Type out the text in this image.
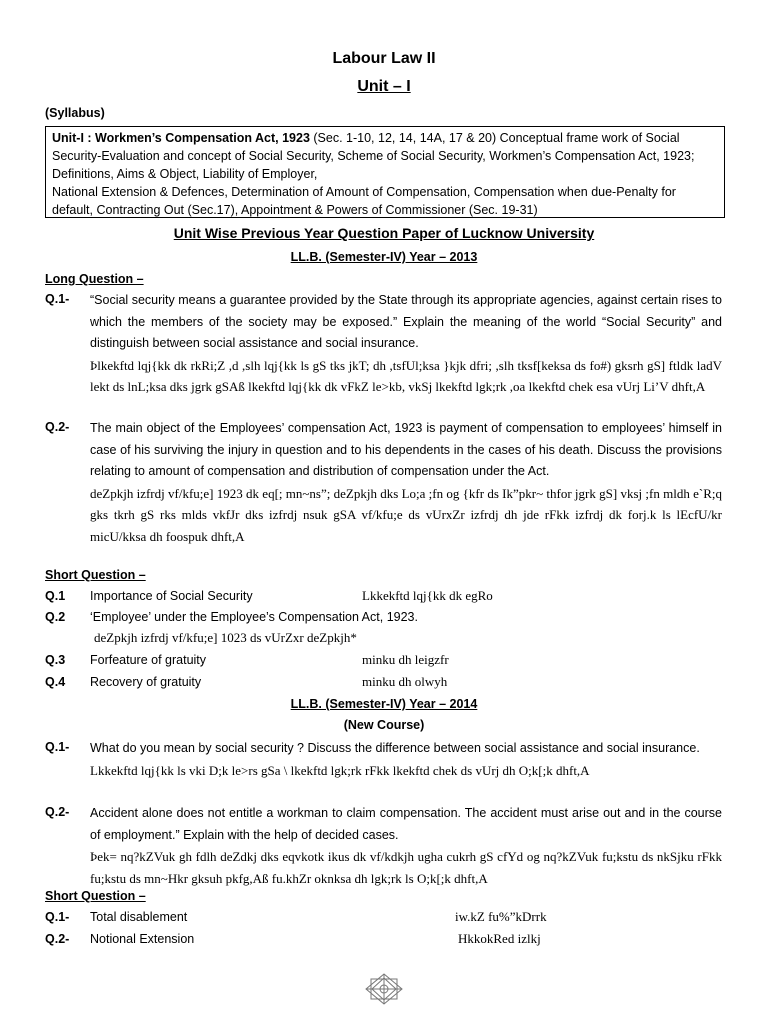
Labour Law II
Unit – I
(Syllabus)
Unit-I : Workmen’s Compensation Act, 1923 (Sec. 1-10, 12, 14, 14A, 17 & 20) Conceptual frame work of Social Security-Evaluation and concept of Social Security, Scheme of Social Security, Workmen’s Compensation Act, 1923; Definitions, Aims & Object, Liability of Employer,
National Extension & Defences, Determination of Amount of Compensation, Compensation when due-Penalty for default, Contracting Out (Sec.17), Appointment & Powers of Commissioner (Sec. 19-31)
Unit Wise Previous Year Question Paper of Lucknow University
LL.B. (Semester-IV) Year – 2013
Long Question –
Q.1- “Social security means a guarantee provided by the State through its appropriate agencies, against certain rises to which the members of the society may be exposed.” Explain the meaning of the world “Social Security” and distinguish between social assistance and social insurance.
Þlkekftd lqj{kk dk rkRi;Z ,d ,slh lqj{kk ls gS tks jkT; dh ,tsfUl;ksa }kjk dfri; ,slh tksf[keksa ds fo#) gksrh gS] ftldk ladV lekt ds lnL;ksa dks jgrk gSAß lkekftd lqj{kk dk vFkZ le>kb, vkSj lkekftd lgk;rk ,oa lkekftd chek esa vUrj Li’V dhft,A
Q.2- The main object of the Employees’ compensation Act, 1923 is payment of compensation to employees’ himself in case of his surviving the injury in question and to his dependents in the cases of his death. Discuss the provisions relating to amount of compensation and distribution of compensation under the Act.
deZpkjh izfrdj vf/kfu;e] 1923 dk eq[; mn~ns”; deZpkjh dks Lo;a ;fn og {kfr ds Ik”pkr~ thfor jgrk gS] vksj ;fn mldh e`R;q gks tkrh gS rks mlds vkfJr dks izfrdj nsuk gSA vf/kfu;e ds vUrxZr izfrdj dh jde rFkk izfrdj dk forj.k ls lEcfU/kr micU/kksa dh foospuk dhft,A
Short Question –
Q.1 Importance of Social Security	Lkkekftd lqj{kk dk egRo
Q.2 ‘Employee’ under the Employee’s Compensation Act, 1923.
deZpkjh izfrdj vf/kfu;e] 1023 ds vUrZxr deZpkjh*
Q.3 Forfeature of gratuity	minku dh leigzfr
Q.4 Recovery of gratuity	minku dh olwyh
LL.B. (Semester-IV) Year – 2014
(New Course)
Q.1- What do you mean by social security ? Discuss the difference between social assistance and social insurance.
Lkkekftd lqj{kk ls vki D;k le>rs gSa \ lkekftd lgk;rk rFkk lkekftd chek ds vUrj dh O;k[;k dhft,A
Q.2- Accident alone does not entitle a workman to claim compensation. The accident must arise out and in the course of employment.” Explain with the help of decided cases.
Þek= nq?kZVuk gh fdlh deZdkj dks eqvkotk ikus dk vf/kdkjh ugha cukrh gS cfYd og nq?kZVuk fu;kstu ds nkSjku rFkk fu;kstu ds mn~Hkr gksuh pkfg,Aß fu.khZr oknksa dh lgk;rk ls O;k[;k dhft,A
Short Question –
Q.1- Total disablement	iw.kZ fu%”kDrrk
Q.2- Notional Extension	HkkokRed izlkj
